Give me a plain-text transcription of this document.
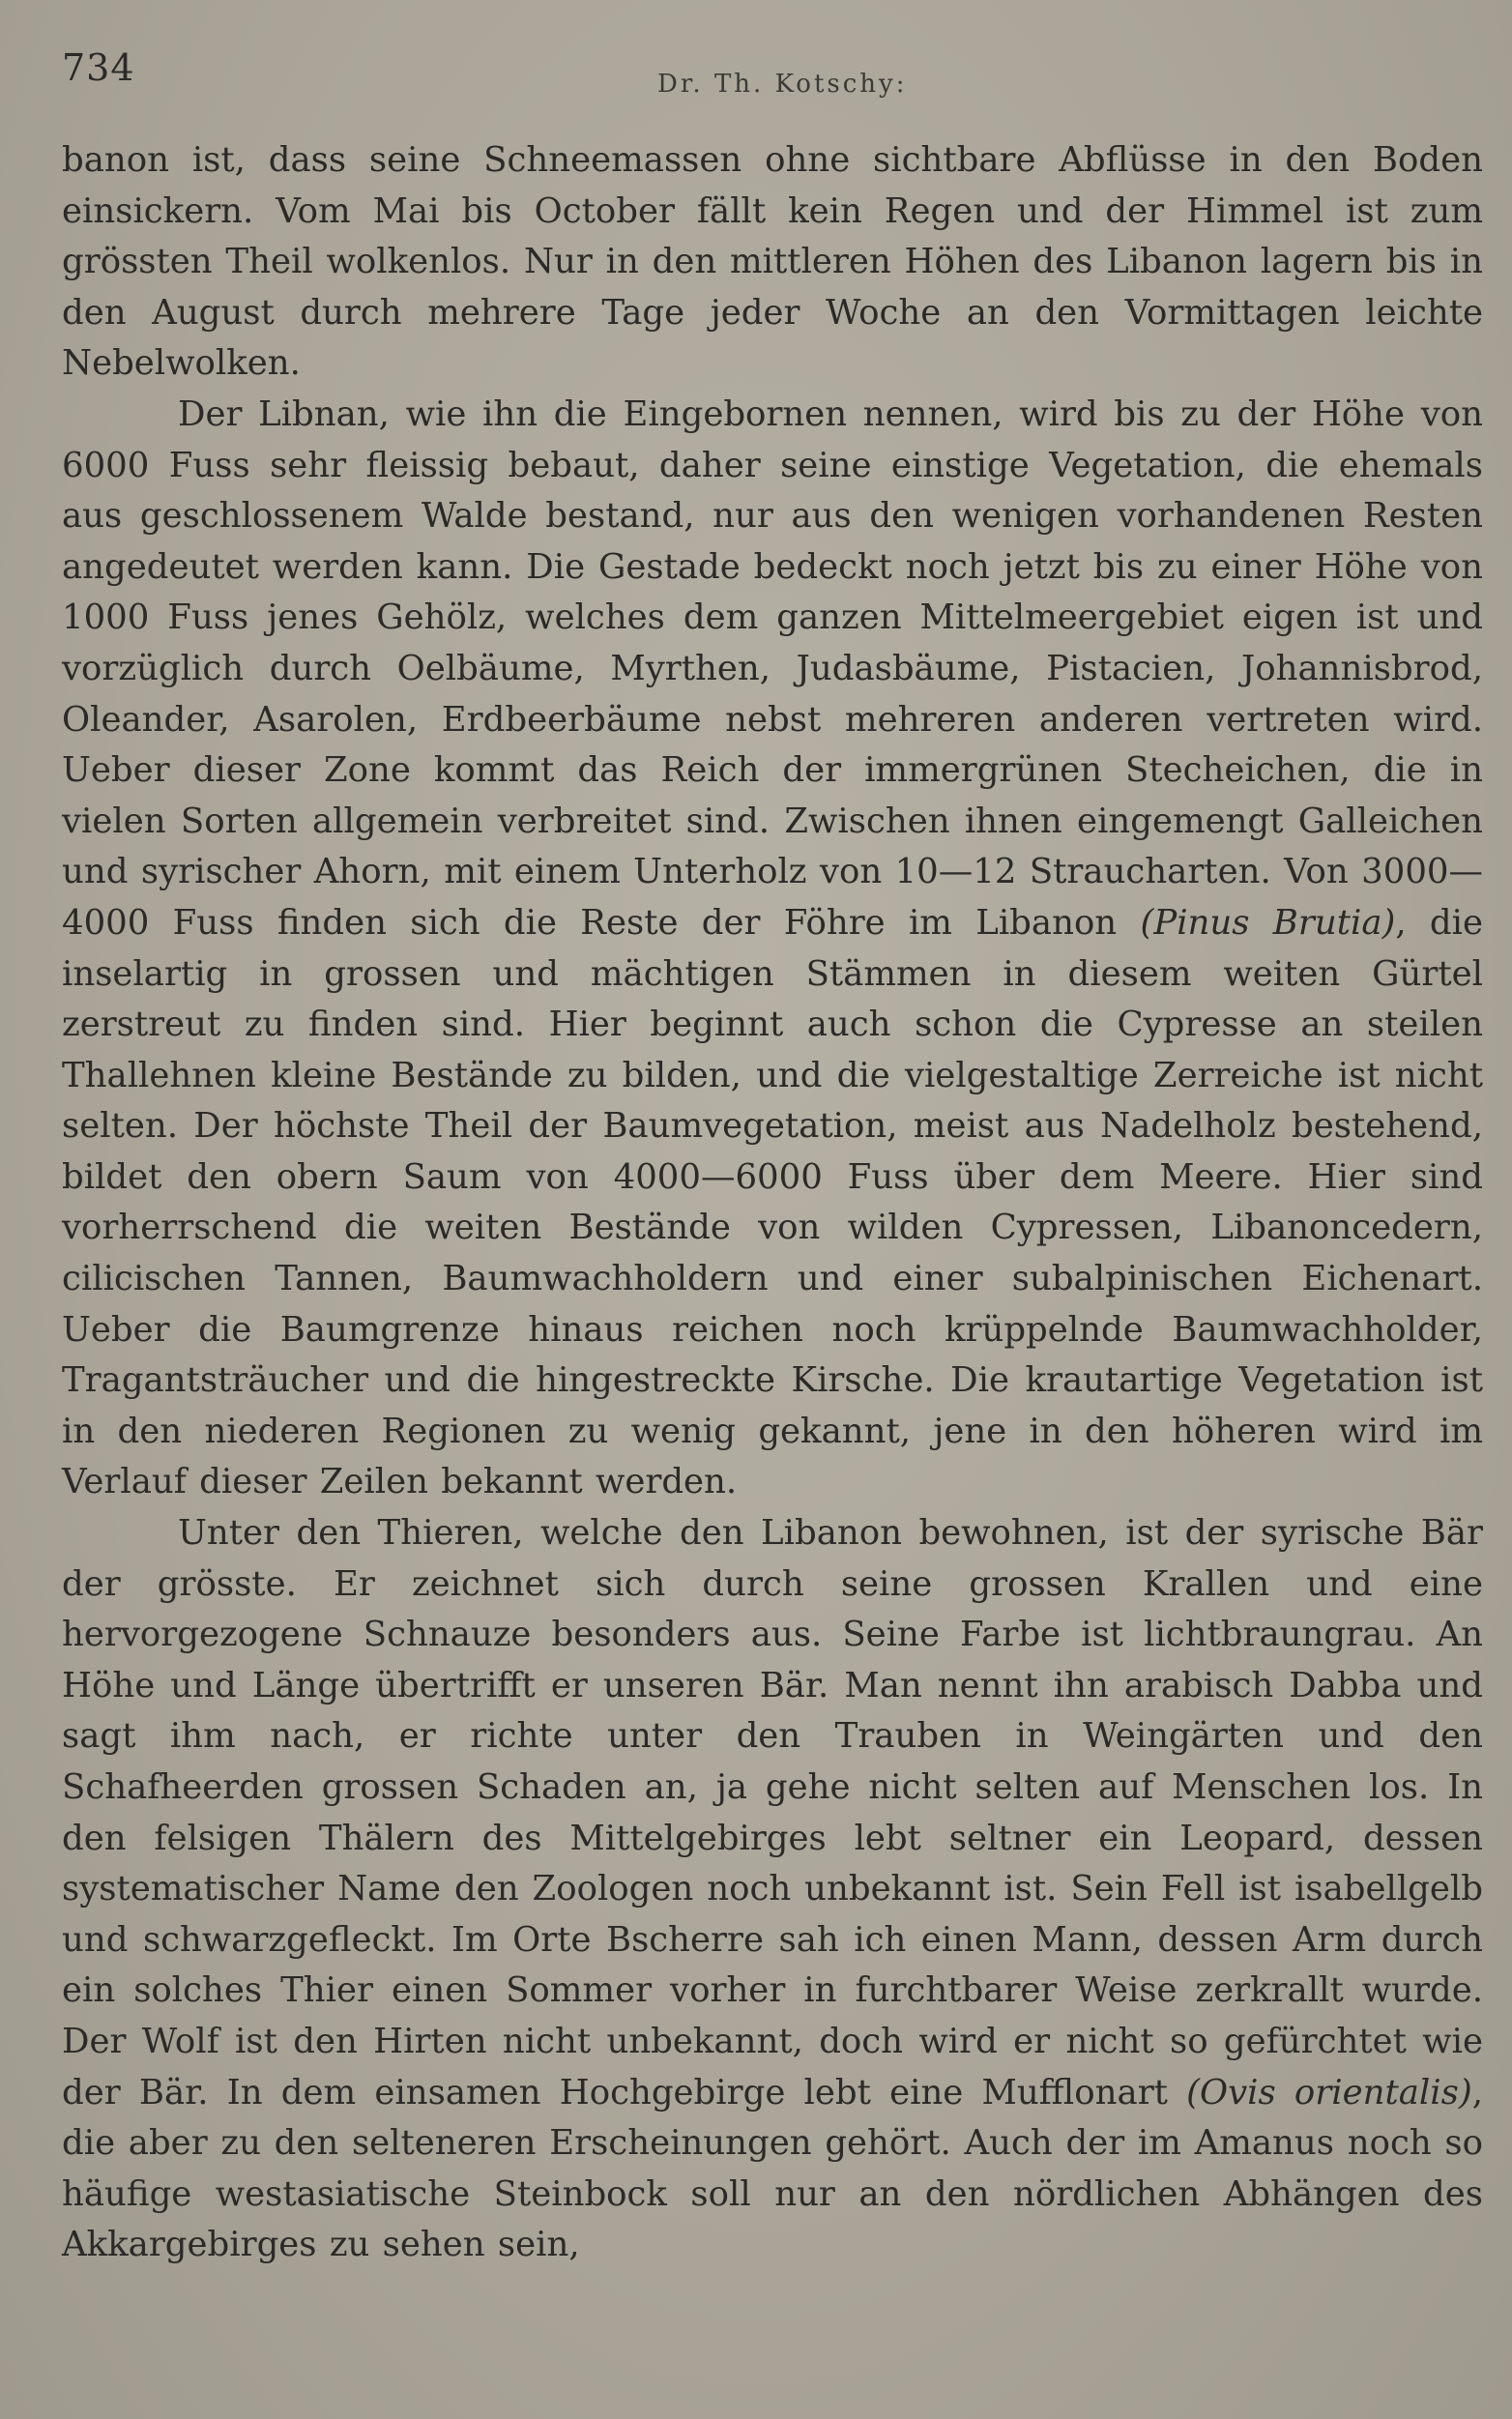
734	Dr. Th. Kotschy:

banon ist, dass seine Schneemassen ohne sichtbare Abflüsse in den Boden einsickern. Vom Mai bis October fällt kein Regen und der Himmel ist zum grössten Theil wolkenlos. Nur in den mittleren Höhen des Libanon lagern bis in den August durch mehrere Tage jeder Woche an den Vormittagen leichte Nebelwolken.

Der Libnan, wie ihn die Eingebornen nennen, wird bis zu der Höhe von 6000 Fuss sehr fleissig bebaut, daher seine einstige Vegetation, die ehemals aus geschlossenem Walde bestand, nur aus den wenigen vorhandenen Resten angedeutet werden kann. Die Gestade bedeckt noch jetzt bis zu einer Höhe von 1000 Fuss jenes Gehölz, welches dem ganzen Mittelmeergebiet eigen ist und vorzüglich durch Oelbäume, Myrthen, Judasbäume, Pistacien, Johannisbrod, Oleander, Asarolen, Erdbeerbäume nebst mehreren anderen vertreten wird. Ueber dieser Zone kommt das Reich der immergrünen Stecheichen, die in vielen Sorten allgemein verbreitet sind. Zwischen ihnen eingemengt Galleichen und syrischer Ahorn, mit einem Unterholz von 10—12 Straucharten. Von 3000—4000 Fuss finden sich die Reste der Föhre im Libanon (Pinus Brutia), die inselartig in grossen und mächtigen Stämmen in diesem weiten Gürtel zerstreut zu finden sind. Hier beginnt auch schon die Cypresse an steilen Thallehnen kleine Bestände zu bilden, und die vielgestaltige Zerreiche ist nicht selten. Der höchste Theil der Baumvegetation, meist aus Nadelholz bestehend, bildet den obern Saum von 4000—6000 Fuss über dem Meere. Hier sind vorherrschend die weiten Bestände von wilden Cypressen, Libanoncedern, cilicischen Tannen, Baumwachholdern und einer subalpinischen Eichenart. Ueber die Baumgrenze hinaus reichen noch krüppelnde Baumwachholder, Tragantsträucher und die hingestreckte Kirsche. Die krautartige Vegetation ist in den niederen Regionen zu wenig gekannt, jene in den höheren wird im Verlauf dieser Zeilen bekannt werden.

Unter den Thieren, welche den Libanon bewohnen, ist der syrische Bär der grösste. Er zeichnet sich durch seine grossen Krallen und eine hervorgezogene Schnauze besonders aus. Seine Farbe ist lichtbraungrau. An Höhe und Länge übertrifft er unseren Bär. Man nennt ihn arabisch Dabba und sagt ihm nach, er richte unter den Trauben in Weingärten und den Schafheerden grossen Schaden an, ja gehe nicht selten auf Menschen los. In den felsigen Thälern des Mittelgebirges lebt seltner ein Leopard, dessen systematischer Name den Zoologen noch unbekannt ist. Sein Fell ist isabellgelb und schwarzgefleckt. Im Orte Bscherre sah ich einen Mann, dessen Arm durch ein solches Thier einen Sommer vorher in furchtbarer Weise zerkrallt wurde. Der Wolf ist den Hirten nicht unbekannt, doch wird er nicht so gefürchtet wie der Bär. In dem einsamen Hochgebirge lebt eine Mufflonart (Ovis orientalis), die aber zu den selteneren Erscheinungen gehört. Auch der im Amanus noch so häufige westasiatische Steinbock soll nur an den nördlichen Abhängen des Akkargebirges zu sehen sein,
